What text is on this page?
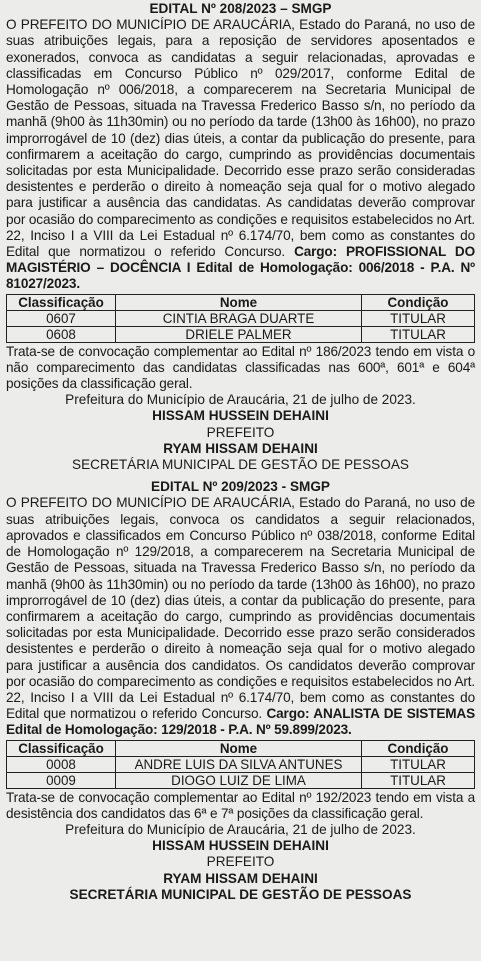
EDITAL Nº 208/2023 – SMGP

O PREFEITO DO MUNICÍPIO DE ARAUCÁRIA, Estado do Paraná, no uso de suas atribuições legais, para a reposição de servidores aposentados e exonerados, convoca as candidatas a seguir relacionadas, aprovadas e classificadas em Concurso Público nº 029/2017, conforme Edital de Homologação nº 006/2018, a comparecerem na Secretaria Municipal de Gestão de Pessoas, situada na Travessa Frederico Basso s/n, no período da manhã (9h00 às 11h30min) ou no período da tarde (13h00 às 16h00), no prazo improrrogável de 10 (dez) dias úteis, a contar da publicação do presente, para confirmarem a aceitação do cargo, cumprindo as providências documentais solicitadas por esta Municipalidade. Decorrido esse prazo serão consideradas desistentes e perderão o direito à nomeação seja qual for o motivo alegado para justificar a ausência das candidatas. As candidatas deverão comprovar por ocasião do comparecimento as condições e requisitos estabelecidos no Art. 22, Inciso I a VIII da Lei Estadual nº 6.174/70, bem como as constantes do Edital que normatizou o referido Concurso. Cargo: PROFISSIONAL DO MAGISTÉRIO – DOCÊNCIA I Edital de Homologação: 006/2018 - P.A. Nº 81027/2023.

Classificação	Nome	Condição
0607	CINTIA BRAGA DUARTE	TITULAR
0608	DRIELE PALMER	TITULAR

Trata-se de convocação complementar ao Edital nº 186/2023 tendo em vista o não comparecimento das candidatas classificadas nas 600ª, 601ª e 604ª posições da classificação geral.

Prefeitura do Município de Araucária, 21 de julho de 2023.

HISSAM HUSSEIN DEHAINI

PREFEITO

RYAM HISSAM DEHAINI

SECRETÁRIA MUNICIPAL DE GESTÃO DE PESSOAS

EDITAL Nº 209/2023 - SMGP

O PREFEITO DO MUNICÍPIO DE ARAUCÁRIA, Estado do Paraná, no uso de suas atribuições legais, convoca os candidatos a seguir relacionados, aprovados e classificados em Concurso Público nº 038/2018, conforme Edital de Homologação nº 129/2018, a comparecerem na Secretaria Municipal de Gestão de Pessoas, situada na Travessa Frederico Basso s/n, no período da manhã (9h00 às 11h30min) ou no período da tarde (13h00 às 16h00), no prazo improrrogável de 10 (dez) dias úteis, a contar da publicação do presente, para confirmarem a aceitação do cargo, cumprindo as providências documentais solicitadas por esta Municipalidade. Decorrido esse prazo serão considerados desistentes e perderão o direito à nomeação seja qual for o motivo alegado para justificar a ausência dos candidatos. Os candidatos deverão comprovar por ocasião do comparecimento as condições e requisitos estabelecidos no Art. 22, Inciso I a VIII da Lei Estadual nº 6.174/70, bem como as constantes do Edital que normatizou o referido Concurso. Cargo: ANALISTA DE SISTEMAS Edital de Homologação: 129/2018 - P.A. Nº 59.899/2023.

Classificação	Nome	Condição
0008	ANDRE LUIS DA SILVA ANTUNES	TITULAR
0009	DIOGO LUIZ DE LIMA	TITULAR

Trata-se de convocação complementar ao Edital nº 192/2023 tendo em vista a desistência dos candidatos das 6ª e 7ª posições da classificação geral.

Prefeitura do Município de Araucária, 21 de julho de 2023.

HISSAM HUSSEIN DEHAINI

PREFEITO

RYAM HISSAM DEHAINI

SECRETÁRIA MUNICIPAL DE GESTÃO DE PESSOAS
